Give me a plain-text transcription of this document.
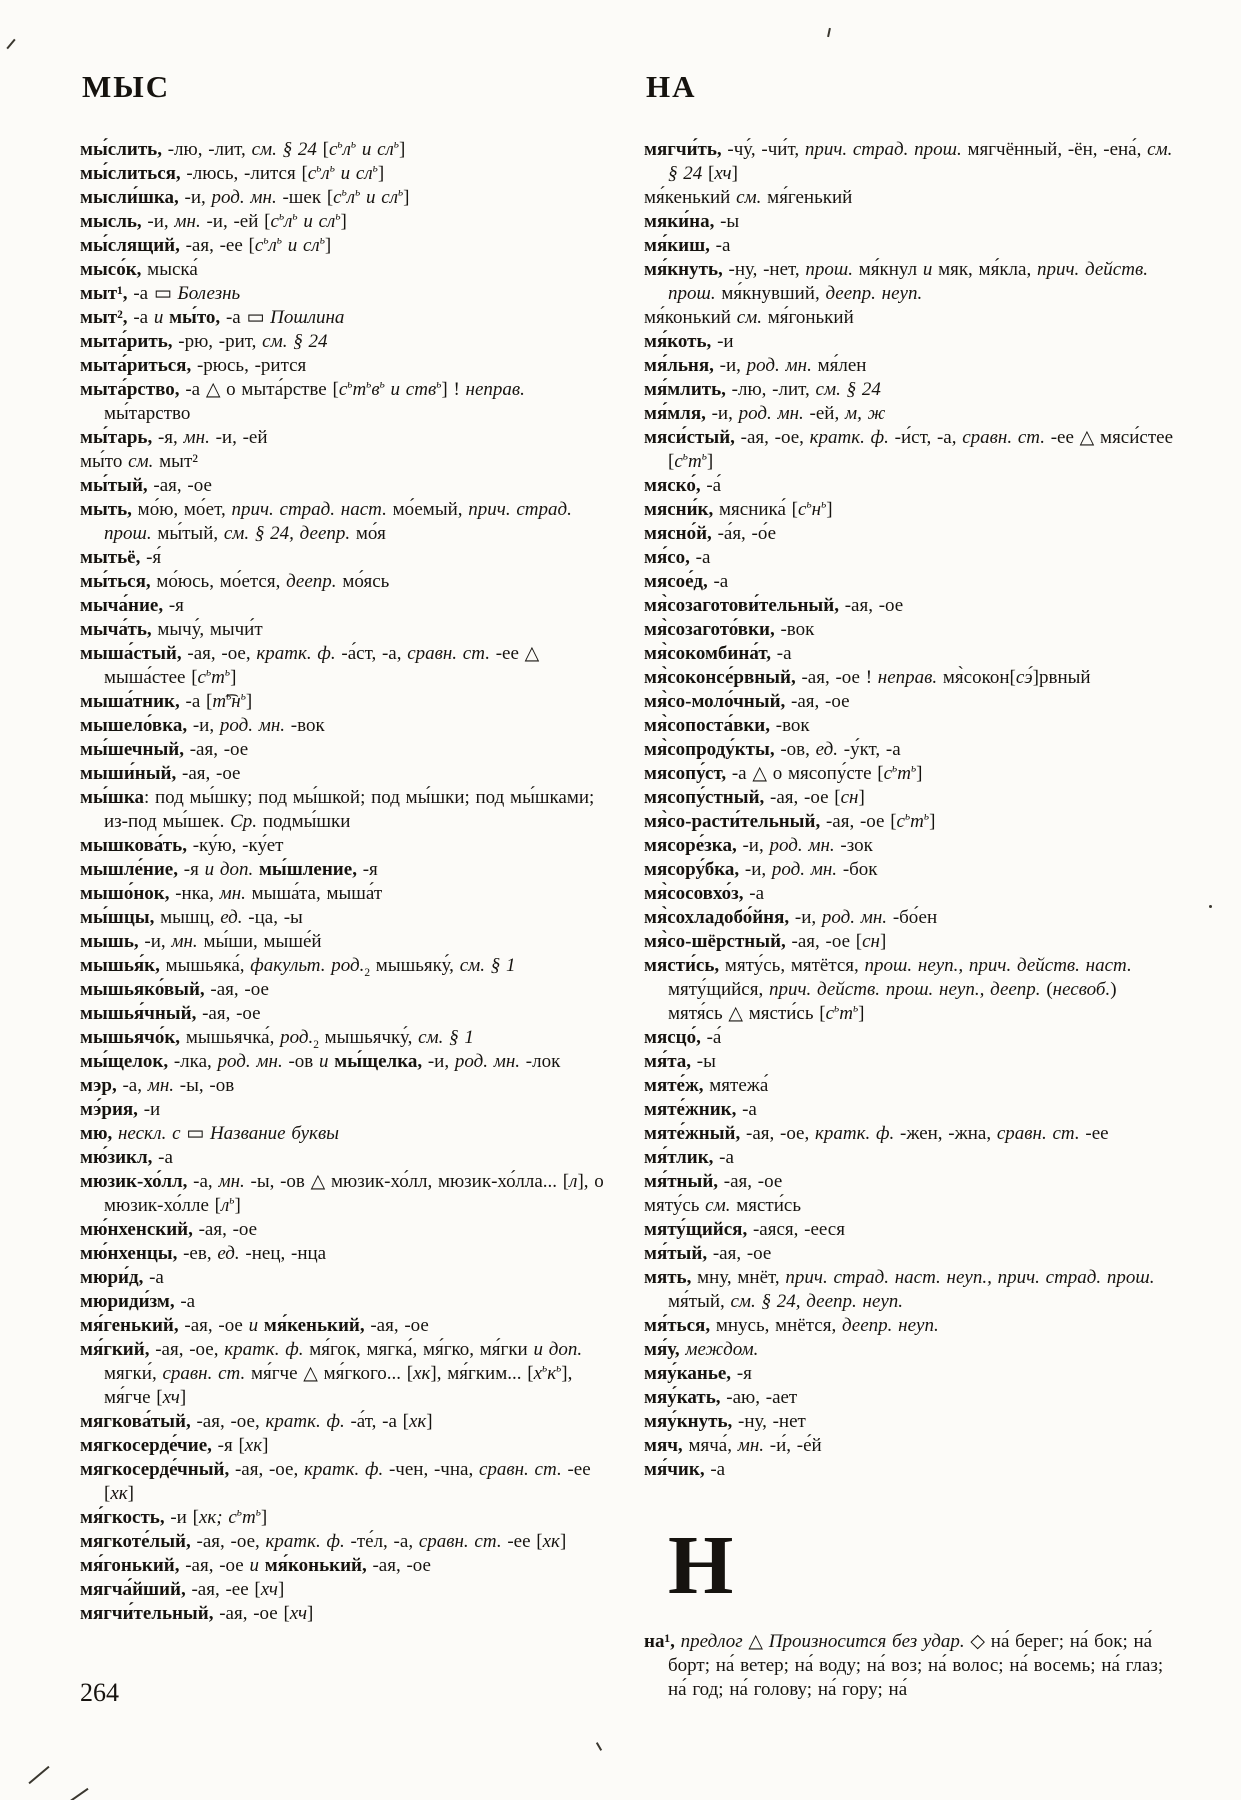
МЫС

мы́слить, -лю, -лит, см. § 24 [$с^ьл^ь$ и $сл^ь$]

мы́слиться, -люсь, -лится [$с^ьл^ь$ и $сл^ь$]

мысли́шка, -и, род. мн. -шек [$с^ьл^ь$ и $сл^ь$]

мысль, -и, мн. -и, -ей [$с^ьл^ь$ и $сл^ь$]

мы́слящий, -ая, -ее [$с^ьл^ь$ и $сл^ь$]

мысо́к, мыска́

мыт¹, -а ▭ Болезнь

мыт², -а и мы́то, -а ▭ Пошлина

мыта́рить, -рю, -рит, см. § 24

мыта́риться, -рюсь, -рится

мыта́рство, -а △ о мыта́рстве [$с^ьт^ьв^ь$ и ств$^ь$] ! неправ. мы́тарство

мы́тарь, -я, мн. -и, -ей

мы́то см. мыт²

мы́тый, -ая, -ое

мыть, мо́ю, мо́ет, прич. страд. наст. мо́емый, прич. страд. прош. мы́тый, см. § 24, деепр. мо́я

мытьё, -я́

мы́ться, мо́юсь, мо́ется, деепр. мо́ясь

мыча́ние, -я

мыча́ть, мычу́, мычи́т

мыша́стый, -ая, -ое, кратк. ф. -а́ст, -а, сравн. ст. -ее △ мыша́стее $[с^ьт^ь]$

мыша́тник, -а $[т͡^ьн^ь]$

мышело́вка, -и, род. мн. -вок

мы́шечный, -ая, -ое

мыши́ный, -ая, -ое

мы́шка: под мы́шку; под мы́шкой; под мы́шки; под мы́шками; из-под мы́шек. Ср. подмы́шки

мышкова́ть, -ку́ю, -ку́ет

мышле́ние, -я и доп. мы́шление, -я

мышо́нок, -нка, мн. мыша́та, мыша́т

мы́шцы, мышц, ед. -ца, -ы

мышь, -и, мн. мы́ши, мыше́й

мышья́к, мышьяка́, факульт. $род._2$ мышьяку́, см. § 1

мышьяко́вый, -ая, -ое

мышья́чный, -ая, -ое

мышьячо́к, мышьячка́, $род._2$ мышьячку́, см. § 1

мы́щелок, -лка, род. мн. -ов и мы́щелка, -и, род. мн. -лок

мэр, -а, мн. -ы, -ов

мэ́рия, -и

мю, нескл. с ▭ Название буквы

мю́зикл, -а

мюзик-хо́лл, -а, мн. -ы, -ов △ мюзик-хо́лл, мюзик-хо́лла... [л], о мюзик-хо́лле $[л^ь]$

мю́нхенский, -ая, -ое

мю́нхенцы, -ев, ед. -нец, -нца

мюри́д, -а

мюриди́зм, -а

мя́генький, -ая, -ое и мя́кенький, -ая, -ое

мя́гкий, -ая, -ое, кратк. ф. мя́гок, мягка́, мя́гко, мя́гки и доп. мягки́, сравн. ст. мя́гче △ мя́гкого... [хк], мя́гким... $[х^ьк^ь]$, мя́гче [хч]

мягкова́тый, -ая, -ое, кратк. ф. -а́т, -а [хк]

мягкосерде́чие, -я [хк]

мягкосерде́чный, -ая, -ое, кратк. ф. -чен, -чна, сравн. ст. -ее [хк]

мя́гкость, -и [хк; $с^ьт^ь$]

мягкоте́лый, -ая, -ое, кратк. ф. -те́л, -а, сравн. ст. -ее [хк]

мя́гонький, -ая, -ое и мя́конький, -ая, -ое

мягча́йший, -ая, -ее [хч]

мягчи́тельный, -ая, -ое [хч]

НА

мягчи́ть, -чу́, -чи́т, прич. страд. прош. мягчённый, -ён, -ена́, см. § 24 [хч]

мя́кенький см. мя́генький

мяки́на, -ы

мя́киш, -а

мя́кнуть, -ну, -нет, прош. мя́кнул и мяк, мя́кла, прич. действ. прош. мя́кнувший, деепр. неуп.

мя́конький см. мя́гонький

мя́коть, -и

мя́льня, -и, род. мн. мя́лен

мя́млить, -лю, -лит, см. § 24

мя́мля, -и, род. мн. -ей, м, ж

мяси́стый, -ая, -ое, кратк. ф. -и́ст, -а, сравн. ст. -ее △ мяси́стее $[с^ьт^ь]$

мяско́, -а́

мясни́к, мясника́ $[с^ьн^ь]$

мясно́й, -а́я, -о́е

мя́со, -а

мясое́д, -а

мя̀созаготови́тельный, -ая, -ое

мя̀созагото́вки, -вок

мя̀сокомбина́т, -а

мя̀соконсе́рвный, -ая, -ое ! неправ. мя̀сокон[сэ́]рвный

мя̀со-моло́чный, -ая, -ое

мя̀сопоста́вки, -вок

мя̀сопроду́кты, -ов, ед. -у́кт, -а

мясопу́ст, -а △ о мясопу́сте $[с^ьт^ь]$

мясопу́стный, -ая, -ое [сн]

мя̀со-расти́тельный, -ая, -ое $[с^ьт^ь]$

мясоре́зка, -и, род. мн. -зок

мясору́бка, -и, род. мн. -бок

мя̀сосовхо́з, -а

мя̀сохладобо́йня, -и, род. мн. -бо́ен

мя̀со-шёрстный, -ая, -ое [сн]

мясти́сь, мяту́сь, мятётся, прош. неуп., прич. действ. наст. мяту́щийся, прич. действ. прош. неуп., деепр. (несвоб.) мятя́сь △ мясти́сь $[с^ьт^ь]$

мясцо́, -а́

мя́та, -ы

мяте́ж, мятежа́

мяте́жник, -а

мяте́жный, -ая, -ое, кратк. ф. -жен, -жна, сравн. ст. -ее

мя́тлик, -а

мя́тный, -ая, -ое

мяту́сь см. мясти́сь

мяту́щийся, -аяся, -ееся

мя́тый, -ая, -ое

мять, мну, мнёт, прич. страд. наст. неуп., прич. страд. прош. мя́тый, см. § 24, деепр. неуп.

мя́ться, мнусь, мнётся, деепр. неуп.

мя́у, междом.

мяу́канье, -я

мяу́кать, -аю, -ает

мяу́кнуть, -ну, -нет

мяч, мяча́, мн. -и́, -е́й

мя́чик, -а

Н

на¹, предлог △ Произносится без удар. ◇ на́ берег; на́ бок; на́ борт; на́ ветер; на́ воду; на́ воз; на́ волос; на́ восемь; на́ глаз; на́ год; на́ голову; на́ гору; на́

264
